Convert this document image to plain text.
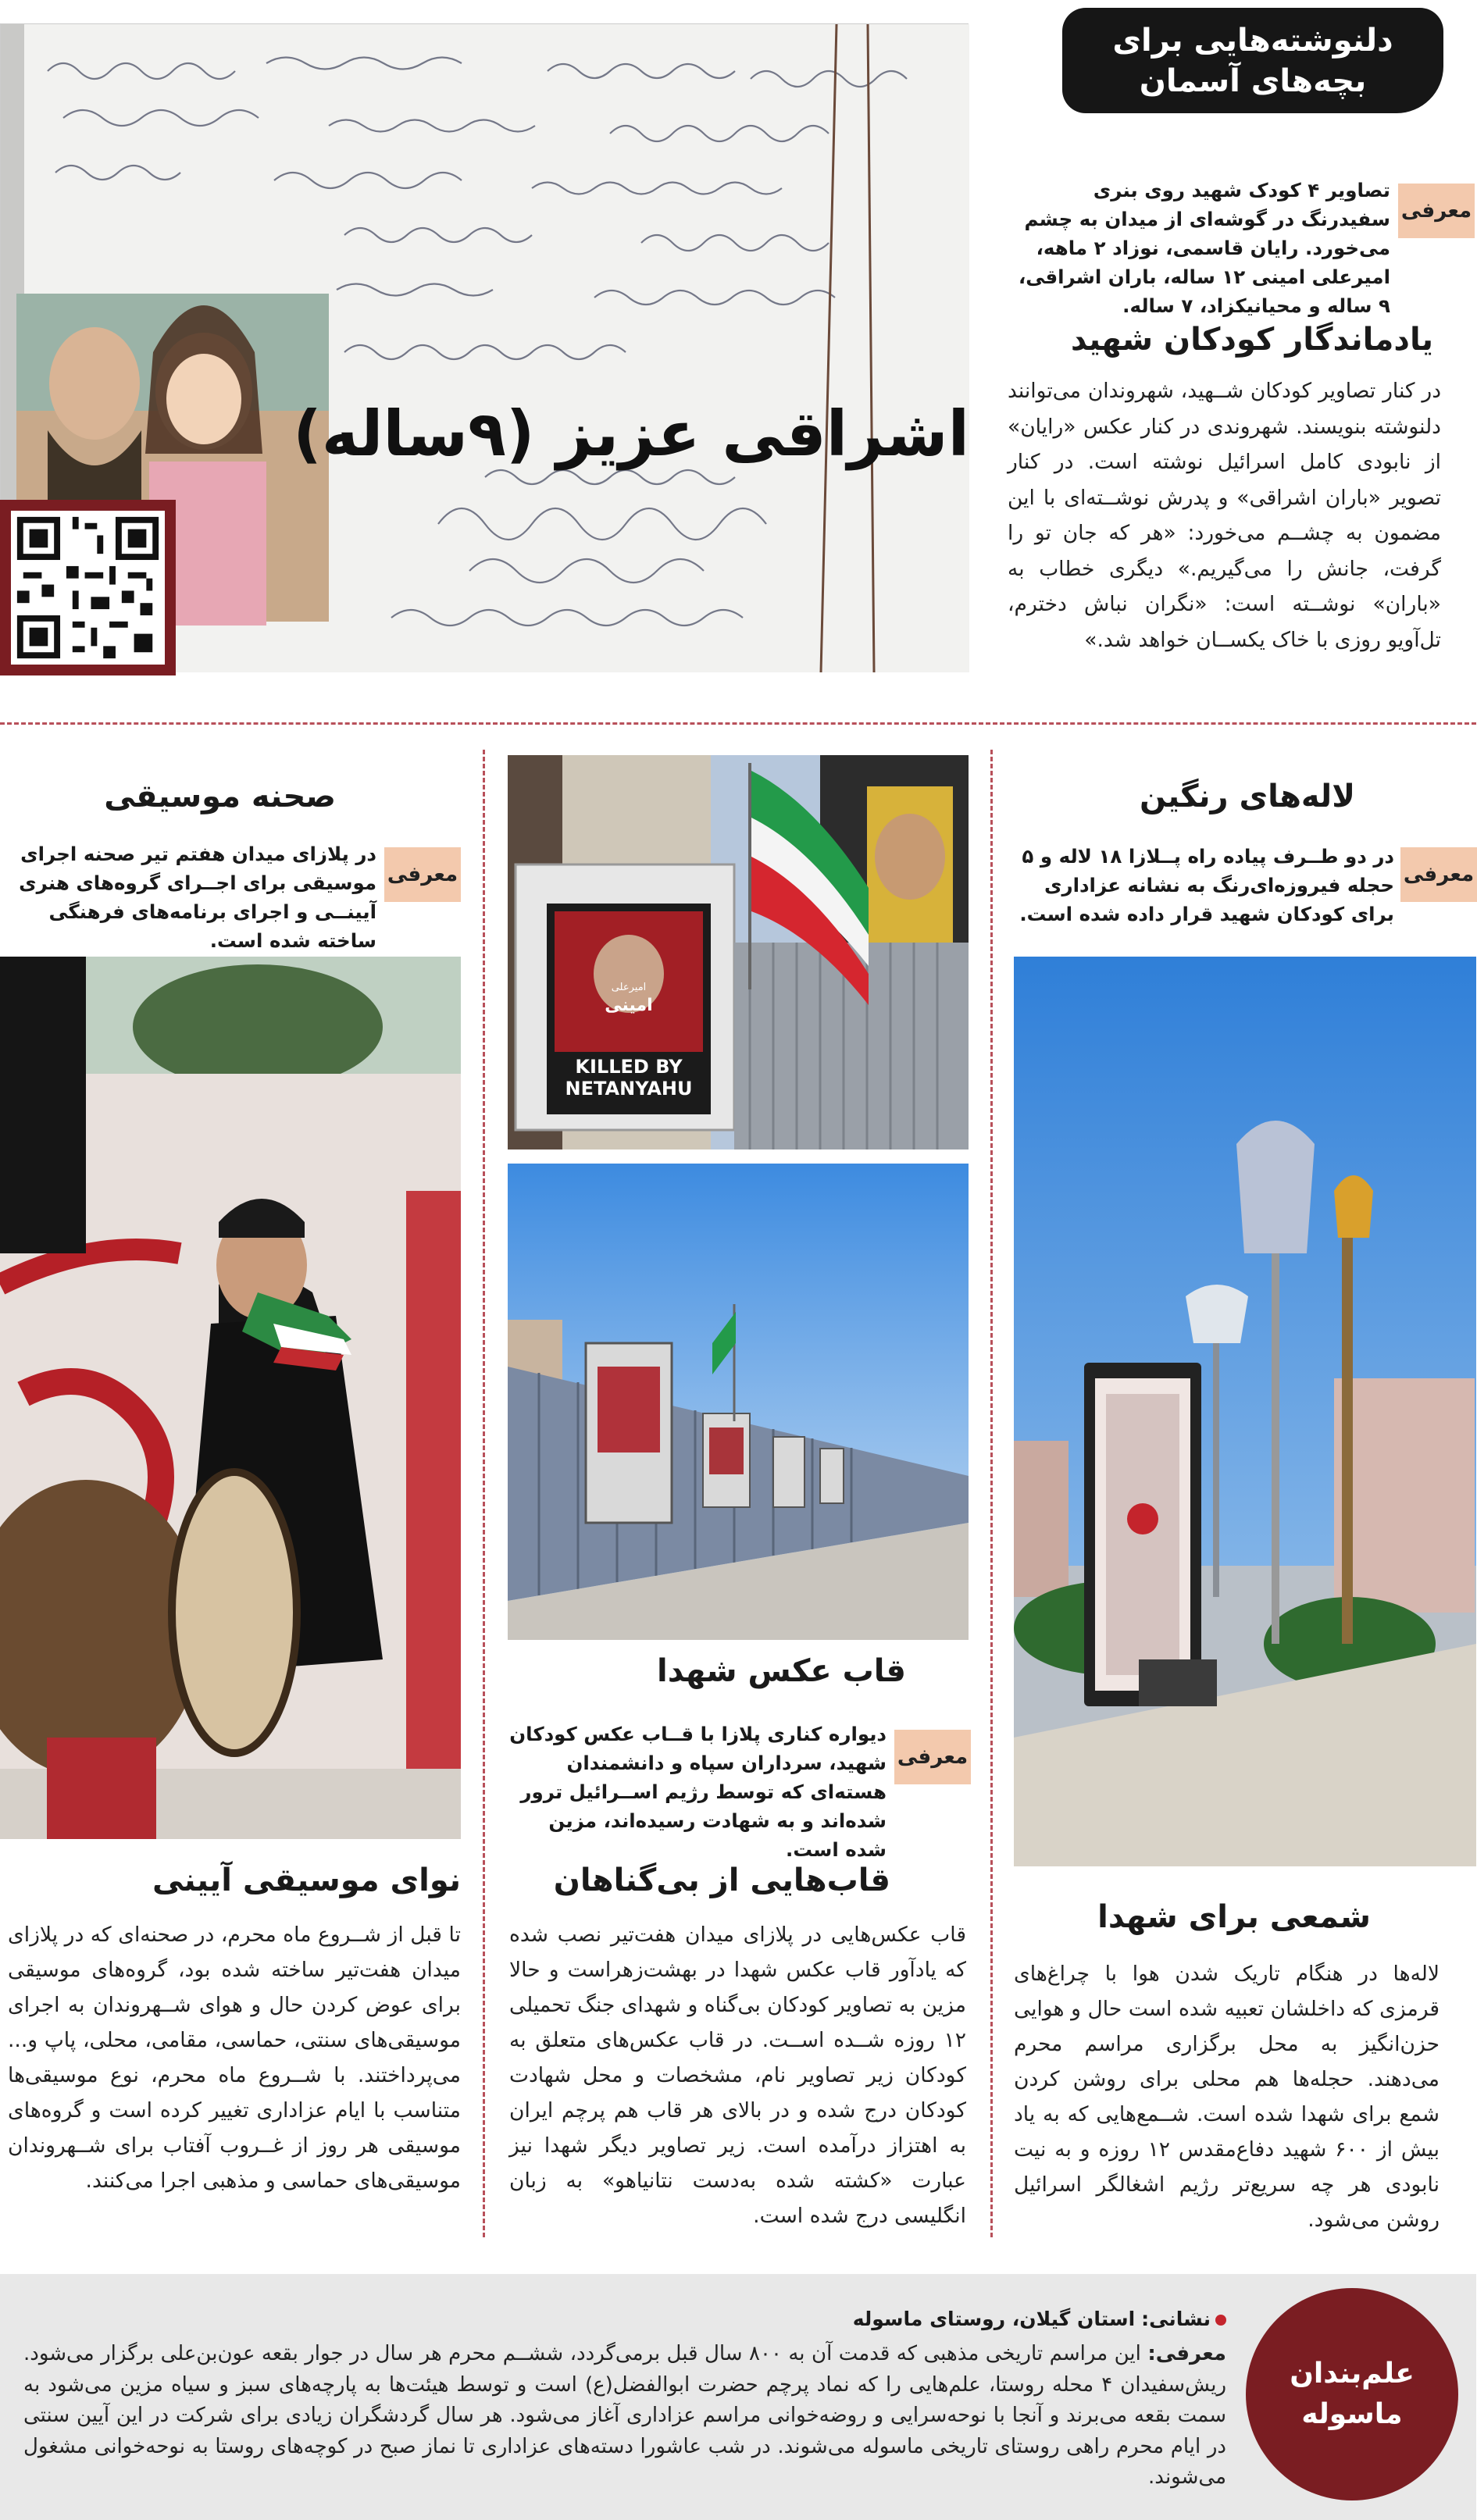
اشراقی عزیز (۹ساله)
دلنوشته‌هایی برای
بچه‌های آسمان
معرفی
تصاویر ۴ کودک شهید روی بنری سفیدرنگ در گوشه‌ای از میدان به چشم می‌خورد. رایان قاسمی، نوزاد ۲ ماهه، امیرعلی امینی ۱۲ ساله، باران اشراقی، ۹ ساله و محیانیکزاد، ۷ ساله.
یادماندگار کودکان شهید
در کنار تصاویر کودکان شــهید، شهروندان می‌توانند دلنوشته بنویسند. شهروندی در کنار عکس «رایان» از نابودی کامل اسرائیل نوشته است. در کنار تصویر «باران اشراقی» و پدرش نوشــته‌ای با این مضمون به چشــم می‌خورد: «هر که جان تو را گرفت، جانش را می‌گیریم.» دیگری خطاب به «باران» نوشــته است: «نگران نباش دخترم، تل‌آویو روزی با خاک یکســان خواهد شد.»
لاله‌های رنگین
معرفی
در دو طــرف پیاده راه پــلازا ۱۸ لاله و ۵ حجله فیروزه‌ای‌رنگ به نشانه عزاداری برای کودکان شهید قرار داده شده است.
شمعی برای شهدا
لاله‌ها در هنگام تاریک شدن هوا با چراغ‌های قرمزی که داخلشان تعبیه شده است حال و هوایی حزن‌انگیز به محل برگزاری مراسم محرم می‌دهند. حجله‌ها هم محلی برای روشن کردن شمع برای شهدا شده است. شــمع‌هایی که به یاد بیش از ۶۰۰ شهید دفاع‌مقدس ۱۲ روزه و به نیت نابودی هر چه سریع‌تر رژیم اشغالگر اسرائیل روشن می‌شود.
امیرعلی
امینی
KILLED BY
NETANYAHU
قاب عکس شهدا
معرفی
دیواره کناری پلازا با قــاب عکس کودکان شهید، سرداران سپاه و دانشمندان هسته‌ای که توسط رژیم اســرائیل ترور شده‌اند و به شهادت رسیده‌اند، مزین شده است.
قاب‌هایی از بی‌گناهان
قاب عکس‌هایی در پلازای میدان هفت‌تیر نصب شده که یادآور قاب عکس شهدا در بهشت‌زهراست و حالا مزین به تصاویر کودکان بی‌گناه و شهدای جنگ تحمیلی ۱۲ روزه شــده اســت. در قاب عکس‌های متعلق به کودکان زیر تصاویر نام، مشخصات و محل شهادت کودکان درج شده و در بالای هر قاب هم پرچم ایران به اهتزاز درآمده است. زیر تصاویر دیگر شهدا نیز عبارت «کشته شده به‌دست نتانیاهو» به زبان انگلیسی درج شده است.
صحنه موسیقی
معرفی
در پلازای میدان هفتم تیر صحنه اجرای موسیقی برای اجــرای گروه‌های هنری آیینــی و اجرای برنامه‌های فرهنگی ساخته شده است.
نوای موسیقی آیینی
تا قبل از شــروع ماه محرم، در صحنه‌ای که در پلازای میدان هفت‌تیر ساخته شده بود، گروه‌های موسیقی برای عوض کردن حال و هوای شــهروندان به اجرای موسیقی‌های سنتی، حماسی، مقامی، محلی، پاپ و... می‌پرداختند. با شــروع ماه محرم، نوع موسیقی‌ها متناسب با ایام عزاداری تغییر کرده است و گروه‌های موسیقی هر روز از غــروب آفتاب برای شــهروندان موسیقی‌های حماسی و مذهبی اجرا می‌کنند.
علم‌بندان
ماسوله
نشانی: استان گیلان، روستای ماسوله
معرفی: این مراسم تاریخی مذهبی که قدمت آن به ۸۰۰ سال قبل برمی‌گردد، ششــم محرم هر سال در جوار بقعه عون‌بن‌علی برگزار می‌شود. ریش‌سفیدان ۴ محله روستا، علم‌هایی را که نماد پرچم حضرت ابوالفضل(ع) است و توسط هیئت‌ها به پارچه‌های سبز و سیاه مزین می‌شود به سمت بقعه می‌برند و آنجا با نوحه‌سرایی و روضه‌خوانی مراسم عزاداری آغاز می‌شود. هر سال گردشگران زیادی برای شرکت در این آیین سنتی در ایام محرم راهی روستای تاریخی ماسوله می‌شوند. در شب عاشورا دسته‌های عزاداری تا نماز صبح در کوچه‌های روستا به نوحه‌خوانی مشغول می‌شوند.
